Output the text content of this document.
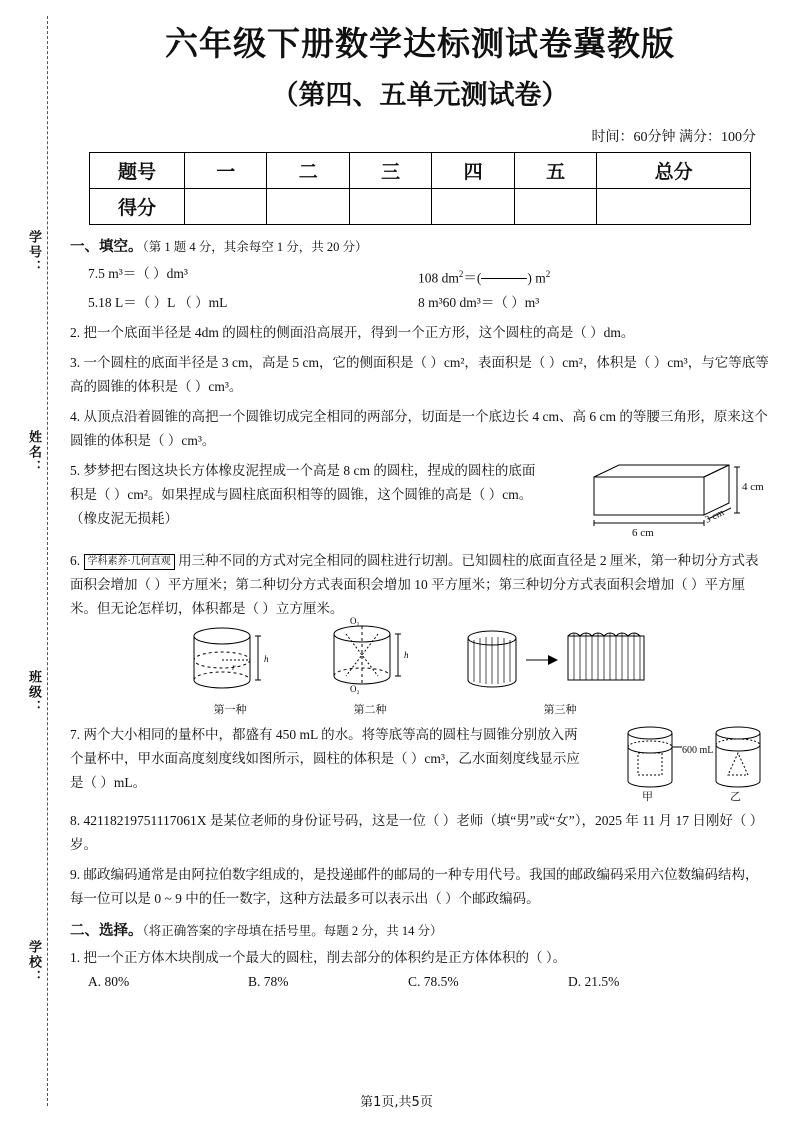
学号：
姓名：
班级：
学校：
六年级下册数学达标测试卷冀教版
（第四、五单元测试卷）
时间：60分钟 满分：100分
题号	一	二	三	四	五	总分
得分						
一、填空。（第 1 题 4 分，其余每空 1 分，共 20 分）
7.5 m³＝（ ）dm³	108 $dm^2=$(	) $m^2$
5.18 L＝（ ）L （ ）mL	8 m³60 dm³＝（ ）m³
2. 把一个底面半径是 4dm 的圆柱的侧面沿高展开，得到一个正方形，这个圆柱的高是（ ）dm。
3. 一个圆柱的底面半径是 3 cm，高是 5 cm，它的侧面积是（ ）cm²，表面积是（ ）cm²，体积是（ ）cm³，与它等底等高的圆锥的体积是（ ）cm³。
4. 从顶点沿着圆锥的高把一个圆锥切成完全相同的两部分，切面是一个底边长 4 cm、高 6 cm 的等腰三角形，原来这个圆锥的体积是（ ）cm³。
5. 梦梦把右图这块长方体橡皮泥捏成一个高是 8 cm 的圆柱，捏成的圆柱的底面积是（ ）cm²。如果捏成与圆柱底面积相等的圆锥，这个圆锥的高是（ ）cm。（橡皮泥无损耗）
4 cm
6 cm
3 cm
6. 学科素养·几何直观 用三种不同的方式对完全相同的圆柱进行切割。已知圆柱的底面直径是 2 厘米，第一种切分方式表面积会增加（ ）平方厘米；第二种切分方式表面积会增加 10 平方厘米；第三种切分方式表面积会增加（ ）平方厘米。但无论怎样切，体积都是（ ）立方厘米。
h
r
第一种
O₁
h
O₂
第二种	第三种
7. 两个大小相同的量杯中，都盛有 450 mL 的水。将等底等高的圆柱与圆锥分别放入两个量杯中，甲水面高度刻度线如图所示，圆柱的体积是（ ）cm³，乙水面刻度线显示应是（ ）mL。
600 mL
甲	乙
8. 42118219751117061X 是某位老师的身份证号码，这是一位（ ）老师（填“男”或“女”），2025 年 11 月 17 日刚好（ ）岁。
9. 邮政编码通常是由阿拉伯数字组成的，是投递邮件的邮局的一种专用代号。我国的邮政编码采用六位数编码结构，每一位可以是 0 ~ 9 中的任一数字，这种方法最多可以表示出（ ）个邮政编码。
二、选择。（将正确答案的字母填在括号里。每题 2 分，共 14 分）
1. 把一个正方体木块削成一个最大的圆柱，削去部分的体积约是正方体体积的（ ）。
A. 80%	B. 78%	C. 78.5%	D. 21.5%
第1页,共5页
